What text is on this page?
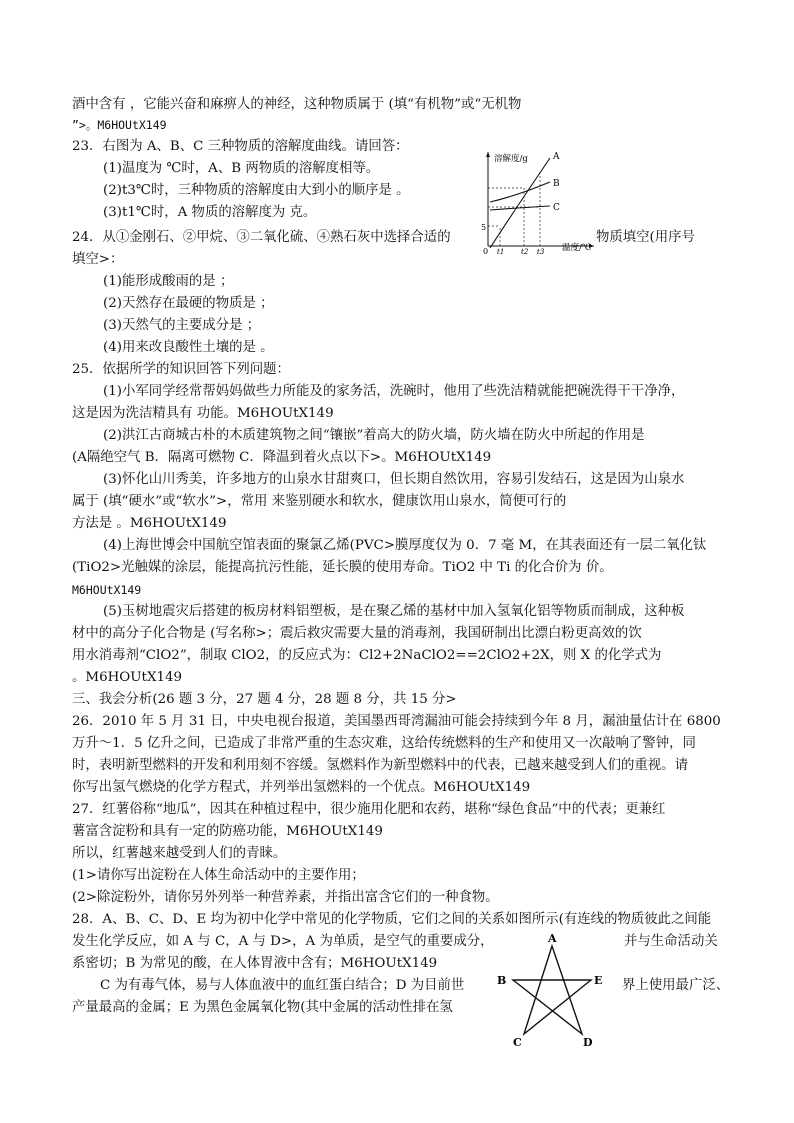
酒中含有 ，它能兴奋和麻痹人的神经，这种物质属于 (填“有机物”或“无机物
”>。M6HOUtX149
23．右图为 A、B、C 三种物质的溶解度曲线。请回答：
(1)温度为 ℃时，A、B 两物质的溶解度相等。
(2)t3℃时，三种物质的溶解度由大到小的顺序是 。
(3)t1℃时，A 物质的溶解度为 克。
24．从①金刚石、②甲烷、③二氧化硫、④熟石灰中选择合适的	物质填空(用序号
填空>：
(1)能形成酸雨的是 ；
(2)天然存在最硬的物质是 ；
(3)天然气的主要成分是 ；
(4)用来改良酸性土壤的是 。
25．依据所学的知识回答下列问题：
(1)小军同学经常帮妈妈做些力所能及的家务活，洗碗时，他用了些洗洁精就能把碗洗得干干净净，
这是因为洗洁精具有 功能。M6HOUtX149
(2)洪江古商城古朴的木质建筑物之间“镶嵌”着高大的防火墙，防火墙在防火中所起的作用是
(A隔绝空气 B．隔离可燃物 C．降温到着火点以下>。M6HOUtX149
(3)怀化山川秀美，许多地方的山泉水甘甜爽口，但长期自然饮用，容易引发结石，这是因为山泉水
属于 (填“硬水”或“软水”>，常用 来鉴别硬水和软水，健康饮用山泉水，简便可行的
方法是 。M6HOUtX149
(4)上海世博会中国航空馆表面的聚氯乙烯(PVC>膜厚度仅为 0．7 毫 M，在其表面还有一层二氧化钛
(TiO2>光触媒的涂层，能提高抗污性能，延长膜的使用寿命。TiO2 中 Ti 的化合价为 价。
M6HOUtX149
(5)玉树地震灾后搭建的板房材料铝塑板，是在聚乙烯的基材中加入氢氧化铝等物质而制成，这种板
材中的高分子化合物是 (写名称>；震后救灾需要大量的消毒剂，我国研制出比漂白粉更高效的饮
用水消毒剂“ClO2”，制取 ClO2，的反应式为：Cl2+2NaClO2==2ClO2+2X，则 X 的化学式为
。M6HOUtX149
三、我会分析(26 题 3 分，27 题 4 分，28 题 8 分，共 15 分>
26．2010 年 5 月 31 日，中央电视台报道，美国墨西哥湾漏油可能会持续到今年 8 月，漏油量估计在 6800
万升～1．5 亿升之间，已造成了非常严重的生态灾难，这给传统燃料的生产和使用又一次敲响了警钟，同
时，表明新型燃料的开发和利用刻不容缓。氢燃料作为新型燃料中的代表，已越来越受到人们的重视。请
你写出氢气燃烧的化学方程式，并列举出氢燃料的一个优点。M6HOUtX149
27．红薯俗称“地瓜”，因其在种植过程中，很少施用化肥和农药，堪称“绿色食品”中的代表；更兼红
薯富含淀粉和具有一定的防癌功能，M6HOUtX149
所以，红薯越来越受到人们的青睐。
(1>请你写出淀粉在人体生命活动中的主要作用；
(2>除淀粉外，请你另外列举一种营养素，并指出富含它们的一种食物。
28．A、B、C、D、E 均为初中化学中常见的化学物质，它们之间的关系如图所示(有连线的物质彼此之间能
发生化学反应，如 A 与 C，A 与 D>，A 为单质，是空气的重要成分，	并与生命活动关
系密切；B 为常见的酸，在人体胃液中含有；M6HOUtX149
C 为有毒气体，易与人体血液中的血红蛋白结合；D 为目前世	界上使用最广泛、
产量最高的金属；E 为黑色金属氧化物(其中金属的活动性排在氢
溶解度/g	A
B
C
5
0 t1 t2 t3 温度/℃
A
B	E
C	D
